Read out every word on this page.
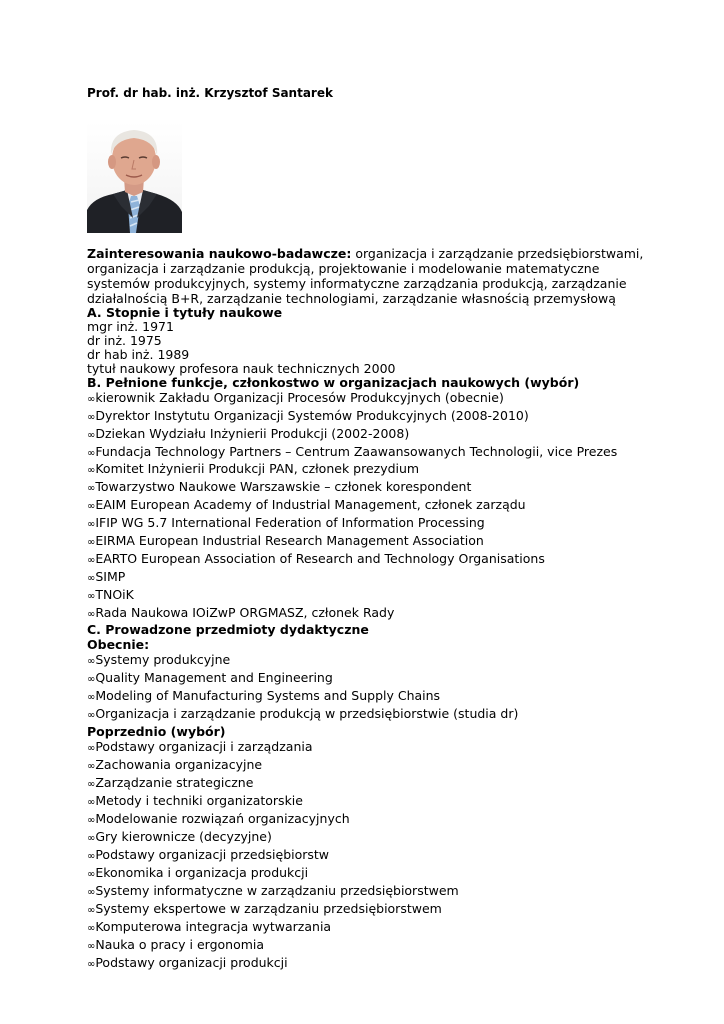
Prof. dr hab. inż. Krzysztof Santarek

Zainteresowania naukowo-badawcze: organizacja i zarządzanie przedsiębiorstwami, organizacja i zarządzanie produkcją, projektowanie i modelowanie matematyczne systemów produkcyjnych, systemy informatyczne zarządzania produkcją, zarządzanie działalnością B+R, zarządzanie technologiami, zarządzanie własnością przemysłową

A. Stopnie i tytuły naukowe

mgr inż. 1971

dr inż. 1975

dr hab inż. 1989

tytuł naukowy profesora nauk technicznych 2000

B. Pełnione funkcje, członkostwo w organizacjach naukowych (wybór)

∞kierownik Zakładu Organizacji Procesów Produkcyjnych (obecnie)

∞Dyrektor Instytutu Organizacji Systemów Produkcyjnych (2008-2010)

∞Dziekan Wydziału Inżynierii Produkcji (2002-2008)

∞Fundacja Technology Partners – Centrum Zaawansowanych Technologii, vice Prezes

∞Komitet Inżynierii Produkcji PAN, członek prezydium

∞Towarzystwo Naukowe Warszawskie – członek korespondent

∞EAIM European Academy of Industrial Management, członek zarządu

∞IFIP WG 5.7 International Federation of Information Processing

∞EIRMA European Industrial Research Management Association

∞EARTO European Association of Research and Technology Organisations

∞SIMP

∞TNOiK

∞Rada Naukowa IOiZwP ORGMASZ, członek Rady

C. Prowadzone przedmioty dydaktyczne

Obecnie:

∞Systemy produkcyjne

∞Quality Management and Engineering

∞Modeling of Manufacturing Systems and Supply Chains

∞Organizacja i zarządzanie produkcją w przedsiębiorstwie (studia dr)

Poprzednio (wybór)

∞Podstawy organizacji i zarządzania

∞Zachowania organizacyjne

∞Zarządzanie strategiczne

∞Metody i techniki organizatorskie

∞Modelowanie rozwiązań organizacyjnych

∞Gry kierownicze (decyzyjne)

∞Podstawy organizacji przedsiębiorstw

∞Ekonomika i organizacja produkcji

∞Systemy informatyczne w zarządzaniu przedsiębiorstwem

∞Systemy ekspertowe w zarządzaniu przedsiębiorstwem

∞Komputerowa integracja wytwarzania

∞Nauka o pracy i ergonomia

∞Podstawy organizacji produkcji
